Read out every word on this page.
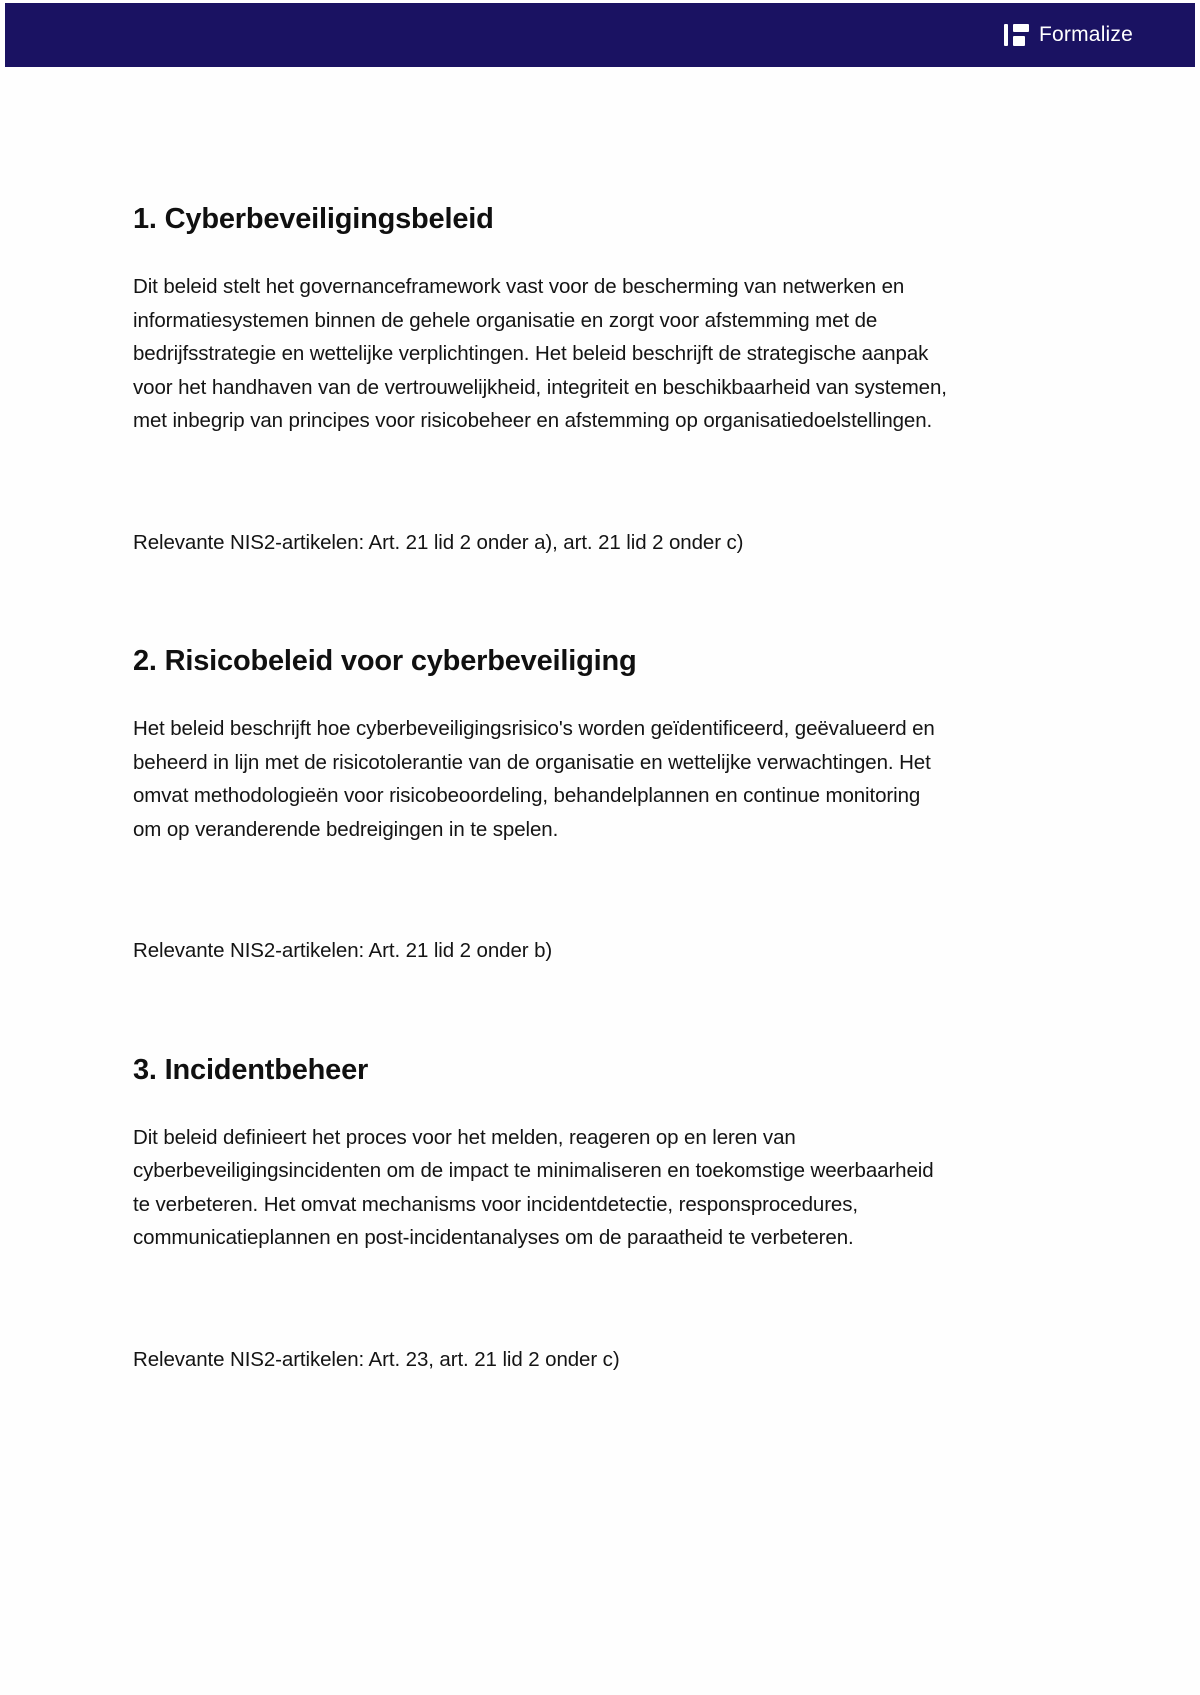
Formalize
1. Cyberbeveiligingsbeleid

Dit beleid stelt het governanceframework vast voor de bescherming van netwerken en informatiesystemen binnen de gehele organisatie en zorgt voor afstemming met de bedrijfsstrategie en wettelijke verplichtingen. Het beleid beschrijft de strategische aanpak voor het handhaven van de vertrouwelijkheid, integriteit en beschikbaarheid van systemen, met inbegrip van principes voor risicobeheer en afstemming op organisatiedoelstellingen.

Relevante NIS2-artikelen: Art. 21 lid 2 onder a), art. 21 lid 2 onder c)

2. Risicobeleid voor cyberbeveiliging

Het beleid beschrijft hoe cyberbeveiligingsrisico's worden geïdentificeerd, geëvalueerd en beheerd in lijn met de risicotolerantie van de organisatie en wettelijke verwachtingen. Het omvat methodologieën voor risicobeoordeling, behandelplannen en continue monitoring om op veranderende bedreigingen in te spelen.

Relevante NIS2-artikelen: Art. 21 lid 2 onder b)

3. Incidentbeheer

Dit beleid definieert het proces voor het melden, reageren op en leren van cyberbeveiligingsincidenten om de impact te minimaliseren en toekomstige weerbaarheid te verbeteren. Het omvat mechanisms voor incidentdetectie, responsprocedures, communicatieplannen en post-incidentanalyses om de paraatheid te verbeteren.

Relevante NIS2-artikelen: Art. 23, art. 21 lid 2 onder c)
